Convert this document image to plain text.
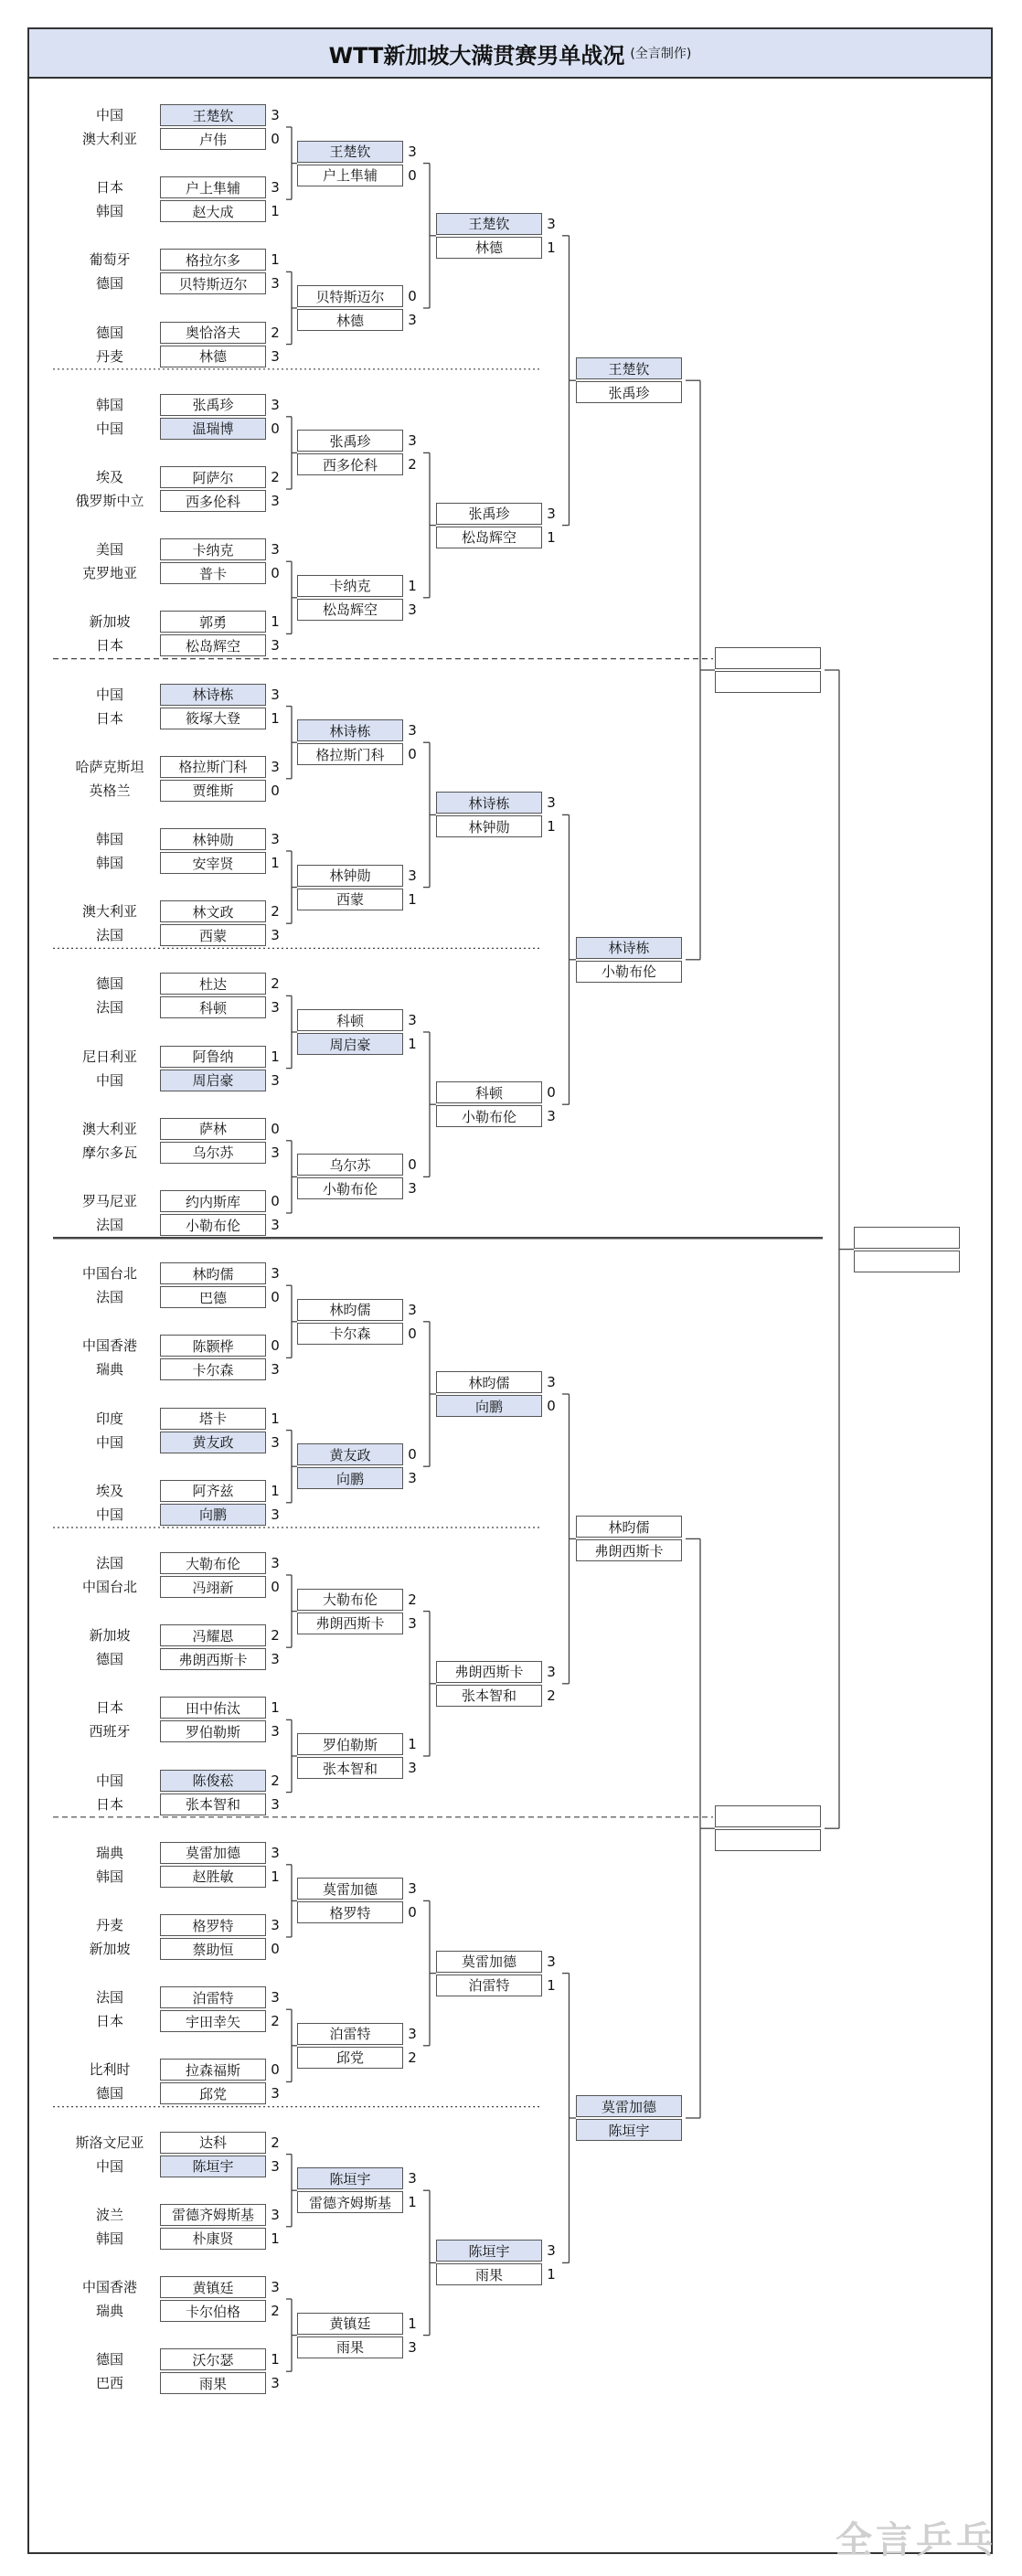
WTT新加坡大满贯赛男单战况 (全言制作)
中国	王楚钦	3
澳大利亚	卢伟	0
日本	户上隼辅	3
韩国	赵大成	1
葡萄牙	格拉尔多	1
德国	贝特斯迈尔	3
德国	奥恰洛夫	2
丹麦	林德	3
韩国	张禹珍	3
中国	温瑞博	0
埃及	阿萨尔	2
俄罗斯中立	西多伦科	3
美国	卡纳克	3
克罗地亚	普卡	0
新加坡	郭勇	1
日本	松岛辉空	3
中国	林诗栋	3
日本	筱塚大登	1
哈萨克斯坦	格拉斯门科	3
英格兰	贾维斯	0
韩国	林钟勋	3
韩国	安宰贤	1
澳大利亚	林文政	2
法国	西蒙	3
德国	杜达	2
法国	科顿	3
尼日利亚	阿鲁纳	1
中国	周启豪	3
澳大利亚	萨林	0
摩尔多瓦	乌尔苏	3
罗马尼亚	约内斯库	0
法国	小勒布伦	3
中国台北	林昀儒	3
法国	巴德	0
中国香港	陈颢桦	0
瑞典	卡尔森	3
印度	塔卡	1
中国	黄友政	3
埃及	阿齐兹	1
中国	向鹏	3
法国	大勒布伦	3
中国台北	冯翊新	0
新加坡	冯耀恩	2
德国	弗朗西斯卡	3
日本	田中佑汰	1
西班牙	罗伯勒斯	3
中国	陈俊菘	2
日本	张本智和	3
瑞典	莫雷加德	3
韩国	赵胜敏	1
丹麦	格罗特	3
新加坡	蔡助恒	0
法国	泊雷特	3
日本	宇田幸矢	2
比利时	拉森福斯	0
德国	邱党	3
斯洛文尼亚	达科	2
中国	陈垣宇	3
波兰	雷德齐姆斯基	3
韩国	朴康贤	1
中国香港	黄镇廷	3
瑞典	卡尔伯格	2
德国	沃尔瑟	1
巴西	雨果	3
王楚钦	3
户上隼辅	0
贝特斯迈尔	0
林德	3
张禹珍	3
西多伦科	2
卡纳克	1
松岛辉空	3
林诗栋	3
格拉斯门科	0
林钟勋	3
西蒙	1
科顿	3
周启豪	1
乌尔苏	0
小勒布伦	3
林昀儒	3
卡尔森	0
黄友政	0
向鹏	3
大勒布伦	2
弗朗西斯卡	3
罗伯勒斯	1
张本智和	3
莫雷加德	3
格罗特	0
泊雷特	3
邱党	2
陈垣宇	3
雷德齐姆斯基	1
黄镇廷	1
雨果	3
王楚钦	3
林德	1
张禹珍	3
松岛辉空	1
林诗栋	3
林钟勋	1
科顿	0
小勒布伦	3
林昀儒	3
向鹏	0
弗朗西斯卡	3
张本智和	2
莫雷加德	3
泊雷特	1
陈垣宇	3
雨果	1
王楚钦
张禹珍
林诗栋
小勒布伦
林昀儒
弗朗西斯卡
莫雷加德
陈垣宇
全言乒乓
